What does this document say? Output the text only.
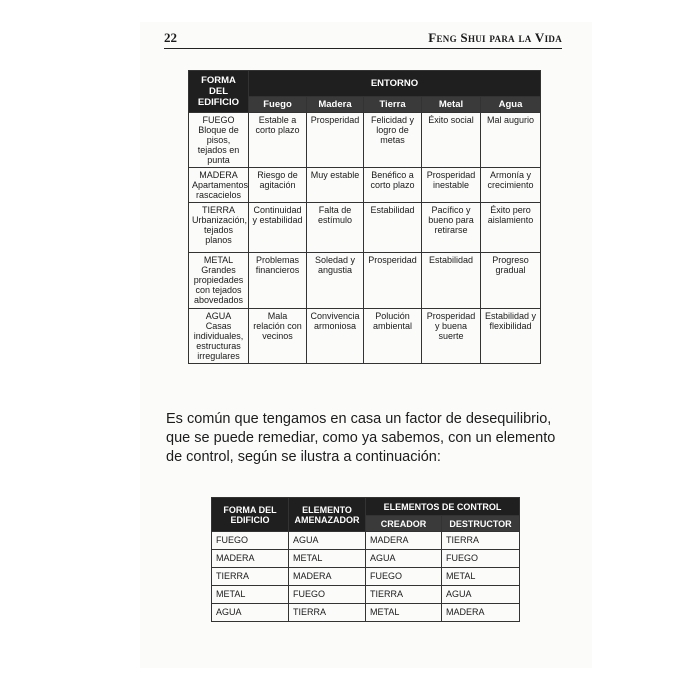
22	Feng Shui para la Vida
FORMA DEL EDIFICIO	ENTORNO				
	Fuego	Madera	Tierra	Metal	Agua
FUEGO Bloque de pisos, tejados en punta	Estable a corto plazo	Prosperidad	Felicidad y logro de metas	Éxito social	Mal augurio
MADERA Apartamentos rascacielos	Riesgo de agitación	Muy estable	Benéfico a corto plazo	Prosperidad inestable	Armonía y crecimiento
TIERRA Urbanización, tejados planos	Continuidad y estabilidad	Falta de estímulo	Estabilidad	Pacífico y bueno para retirarse	Éxito pero aislamiento
METAL Grandes propiedades con tejados abovedados	Problemas financieros	Soledad y angustia	Prosperidad	Estabilidad	Progreso gradual
AGUA Casas individuales, estructuras irregulares	Mala relación con vecinos	Convivencia armoniosa	Polución ambiental	Prosperidad y buena suerte	Estabilidad y flexibilidad
Es común que tengamos en casa un factor de desequilibrio, que se puede remediar, como ya sabemos, con un elemento de control, según se ilustra a continuación:
FORMA DEL EDIFICIO	ELEMENTO AMENAZADOR	ELEMENTOS DE CONTROL	
		CREADOR	DESTRUCTOR
FUEGO	AGUA	MADERA	TIERRA
MADERA	METAL	AGUA	FUEGO
TIERRA	MADERA	FUEGO	METAL
METAL	FUEGO	TIERRA	AGUA
AGUA	TIERRA	METAL	MADERA
